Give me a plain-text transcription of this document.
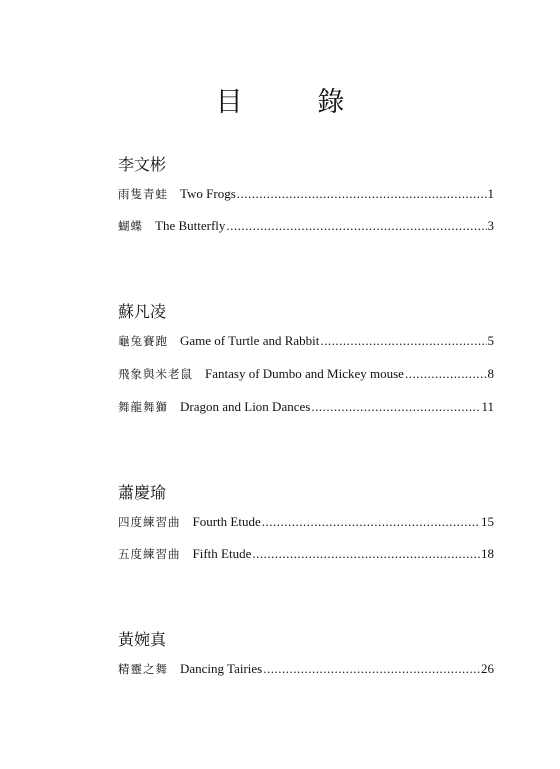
目 錄
李文彬
雨隻青蛙 Two Frogs .....	1
蝴蝶 The Butterfly .....	3
蘇凡凌
龜兔賽跑 Game of Turtle and Rabbit .....	5
飛象與米老鼠 Fantasy of Dumbo and Mickey mouse .....	8
舞龍舞獅 Dragon and Lion Dances .....	11
蕭慶瑜
四度練習曲 Fourth Etude .....	15
五度練習曲 Fifth Etude .....	18
黃婉真
精靈之舞 Dancing Tairies .....	26
